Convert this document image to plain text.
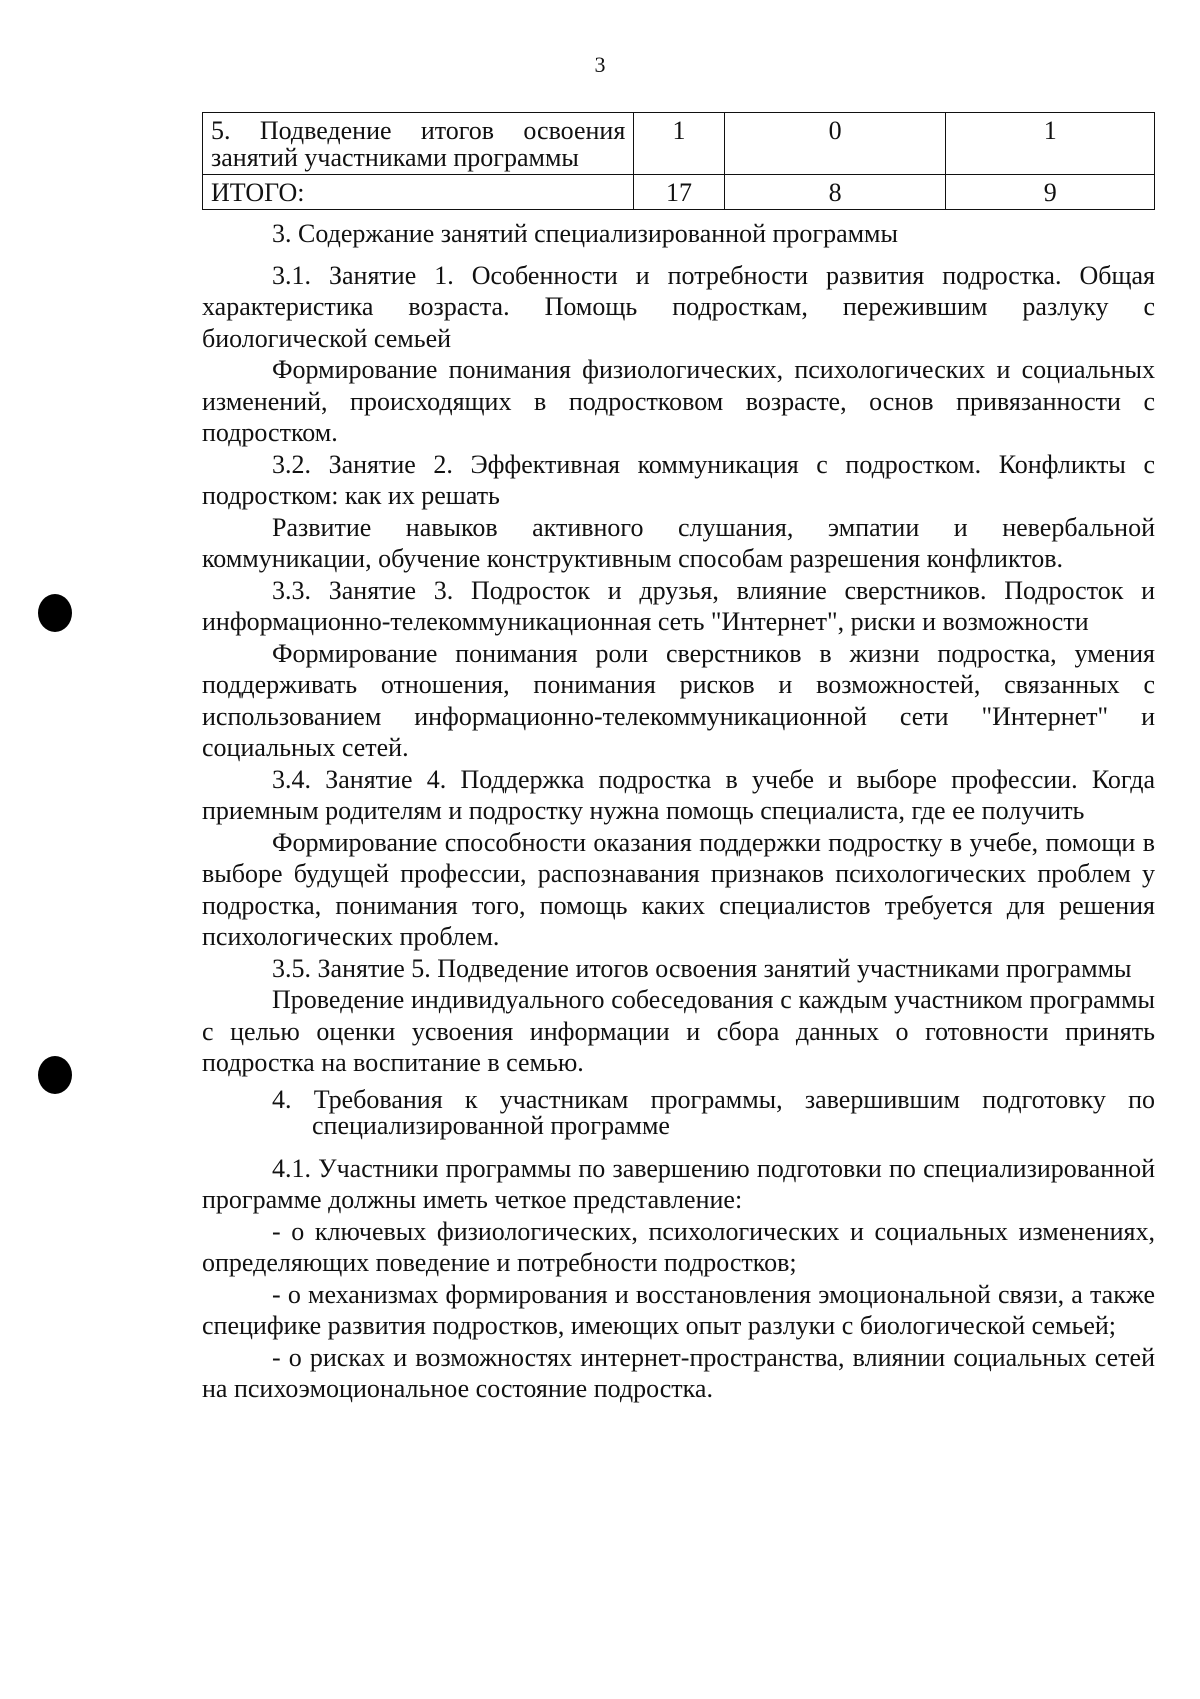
3
5. Подведение итогов освоения занятий участниками программы	1	0	1
ИТОГО:	17	8	9

3. Содержание занятий специализированной программы

3.1. Занятие 1. Особенности и потребности развития подростка. Общая характеристика возраста. Помощь подросткам, пережившим разлуку с биологической семьей

Формирование понимания физиологических, психологических и социальных изменений, происходящих в подростковом возрасте, основ привязанности с подростком.

3.2. Занятие 2. Эффективная коммуникация с подростком. Конфликты с подростком: как их решать

Развитие навыков активного слушания, эмпатии и невербальной коммуникации, обучение конструктивным способам разрешения конфликтов.

3.3. Занятие 3. Подросток и друзья, влияние сверстников. Подросток и информационно-телекоммуникационная сеть "Интернет", риски и возможности

Формирование понимания роли сверстников в жизни подростка, умения поддерживать отношения, понимания рисков и возможностей, связанных с использованием информационно-телекоммуникационной сети "Интернет" и социальных сетей.

3.4. Занятие 4. Поддержка подростка в учебе и выборе профессии. Когда приемным родителям и подростку нужна помощь специалиста, где ее получить

Формирование способности оказания поддержки подростку в учебе, помощи в выборе будущей профессии, распознавания признаков психологических проблем у подростка, понимания того, помощь каких специалистов требуется для решения психологических проблем.

3.5. Занятие 5. Подведение итогов освоения занятий участниками программы

Проведение индивидуального собеседования с каждым участником программы с целью оценки усвоения информации и сбора данных о готовности принять подростка на воспитание в семью.

4. Требования к участникам программы, завершившим подготовку по специализированной программе

4.1. Участники программы по завершению подготовки по специализированной программе должны иметь четкое представление:

- о ключевых физиологических, психологических и социальных изменениях, определяющих поведение и потребности подростков;

- о механизмах формирования и восстановления эмоциональной связи, а также специфике развития подростков, имеющих опыт разлуки с биологической семьей;

- о рисках и возможностях интернет-пространства, влиянии социальных сетей на психоэмоциональное состояние подростка.
